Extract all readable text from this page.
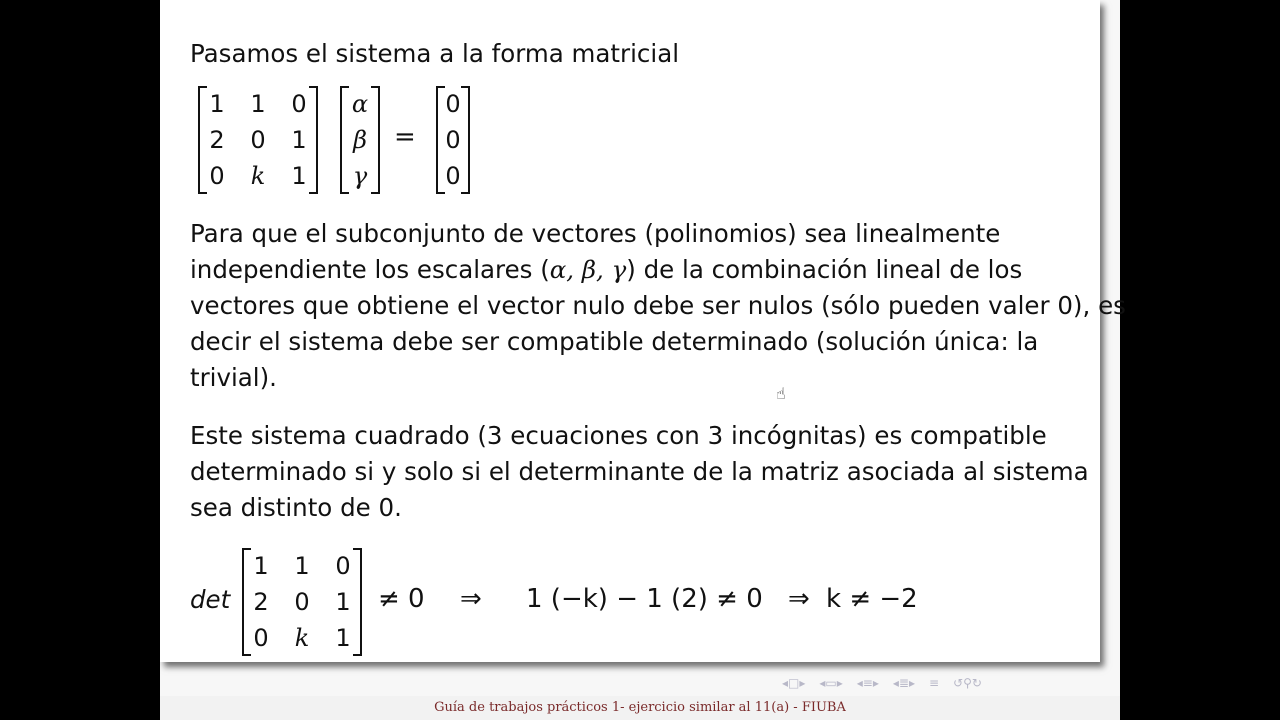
Pasamos el sistema a la forma matricial
1	1	0
2	0	1
0	k	1
α
β
γ
=
0
0
0
Para que el subconjunto de vectores (polinomios) sea linealmente
independiente los escalares (α, β, γ) de la combinación lineal de los
vectores que obtiene el vector nulo debe ser nulos (sólo pueden valer 0), es
decir el sistema debe ser compatible determinado (solución única: la
trivial).
Este sistema cuadrado (3 ecuaciones con 3 incógnitas) es compatible
determinado si y solo si el determinante de la matriz asociada al sistema
sea distinto de 0.
det
1	1	0
2	0	1
0	k	1
≠ 0 ⇒ 1 (−k) − 1 (2) ≠ 0 ⇒ k ≠ −2
☝
◂□▸ ◂▭▸ ◂≡▸ ◂≣▸ ≡ ↺⚲↻
Guía de trabajos prácticos 1- ejercicio similar al 11(a) - FIUBA
